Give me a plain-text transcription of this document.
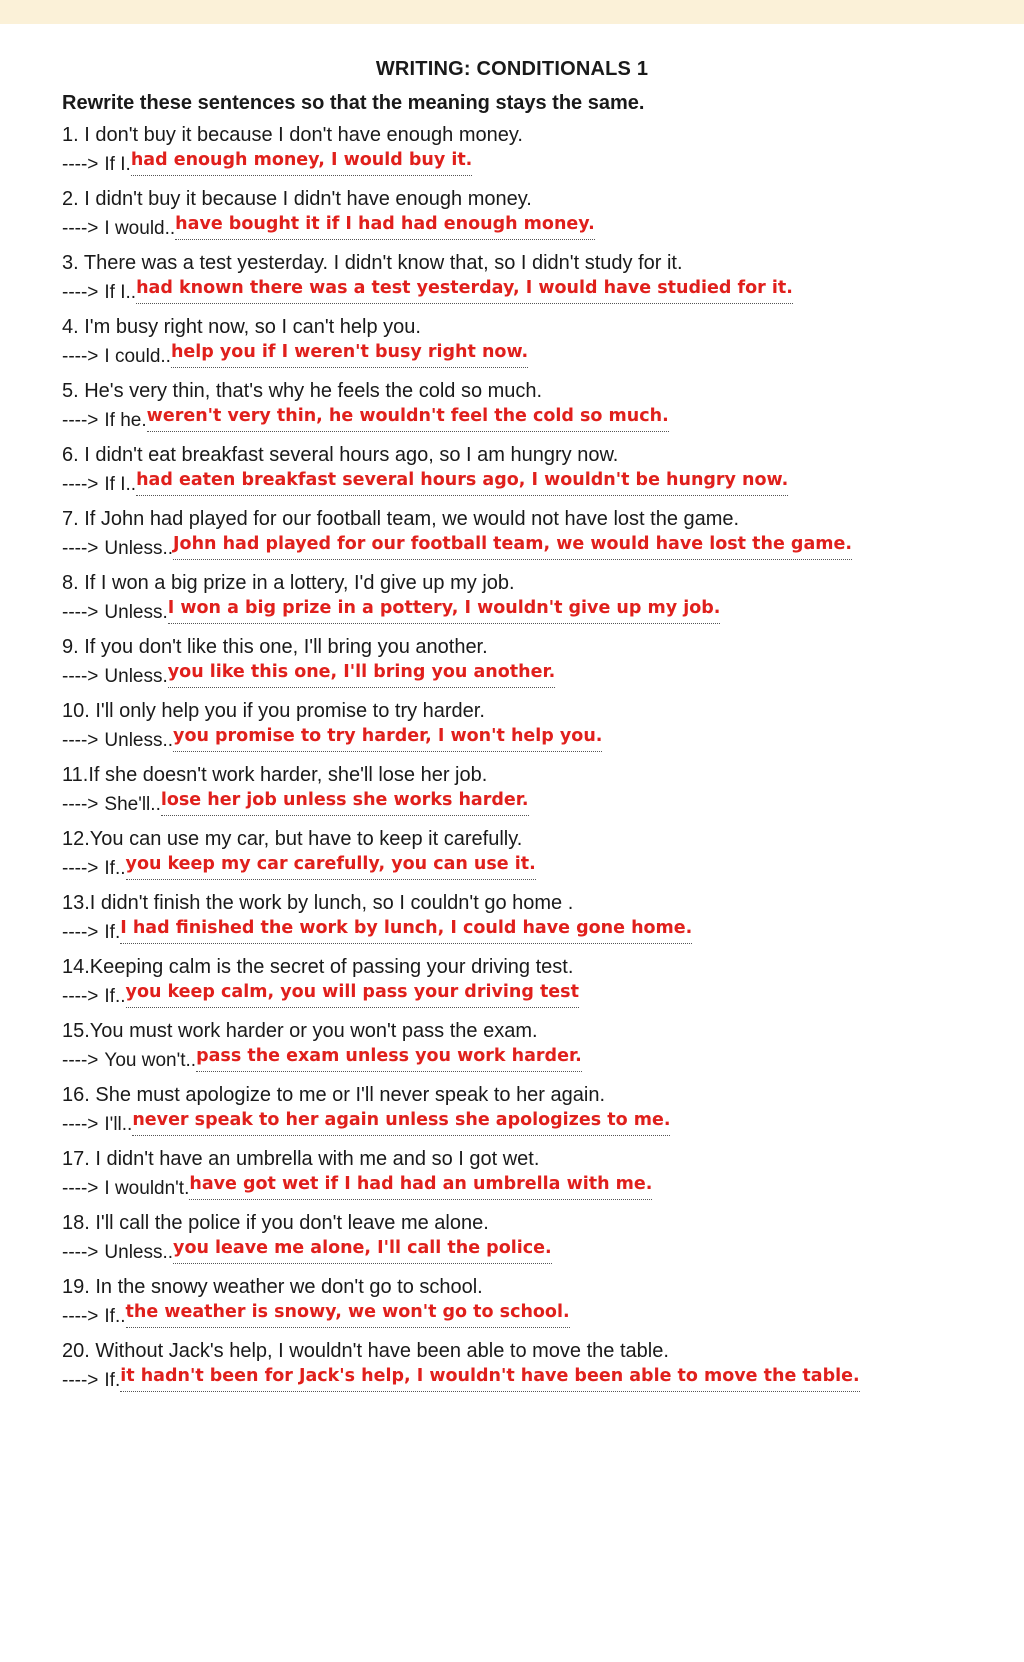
WRITING: CONDITIONALS 1
Rewrite these sentences so that the meaning stays the same.
1. I don't buy it because I don't have enough money.
----> If I . had enough money, I would buy it.
2. I didn't buy it because I didn't have enough money.
----> I would .. have bought it if I had had enough money.
3. There was a test yesterday. I didn't know that, so I didn't study for it.
----> If I .. had known there was a test yesterday, I would have studied for it.
4. I'm busy right now, so I can't help you.
----> I could .. help you if I weren't busy right now.
5. He's very thin, that's why he feels the cold so much.
----> If he . weren't very thin, he wouldn't feel the cold so much.
6. I didn't eat breakfast several hours ago, so I am hungry now.
----> If I .. had eaten breakfast several hours ago, I wouldn't be hungry now.
7. If John had played for our football team, we would not have lost the game.
----> Unless .. John had played for our football team, we would have lost the game.
8. If I won a big prize in a lottery, I'd give up my job.
----> Unless . I won a big prize in a pottery, I wouldn't give up my job.
9. If you don't like this one, I'll bring you another.
----> Unless . you like this one, I'll bring you another.
10. I'll only help you if you promise to try harder.
----> Unless .. you promise to try harder, I won't help you.
11.If she doesn't work harder, she'll lose her job.
----> She'll .. lose her job unless she works harder.
12.You can use my car, but have to keep it carefully.
----> If .. you keep my car carefully, you can use it.
13.I didn't finish the work by lunch, so I couldn't go home .
----> If . I had finished the work by lunch, I could have gone home.
14.Keeping calm is the secret of passing your driving test.
----> If .. you keep calm, you will pass your driving test
15.You must work harder or you won't pass the exam.
----> You won't .. pass the exam unless you work harder.
16. She must apologize to me or I'll never speak to her again.
----> I'll .. never speak to her again unless she apologizes to me.
17. I didn't have an umbrella with me and so I got wet.
----> I wouldn't . have got wet if I had had an umbrella with me.
18. I'll call the police if you don't leave me alone.
----> Unless .. you leave me alone, I'll call the police.
19. In the snowy weather we don't go to school.
----> If .. the weather is snowy, we won't go to school.
20. Without Jack's help, I wouldn't have been able to move the table.
----> If . it hadn't been for Jack's help, I wouldn't have been able to move the table.
